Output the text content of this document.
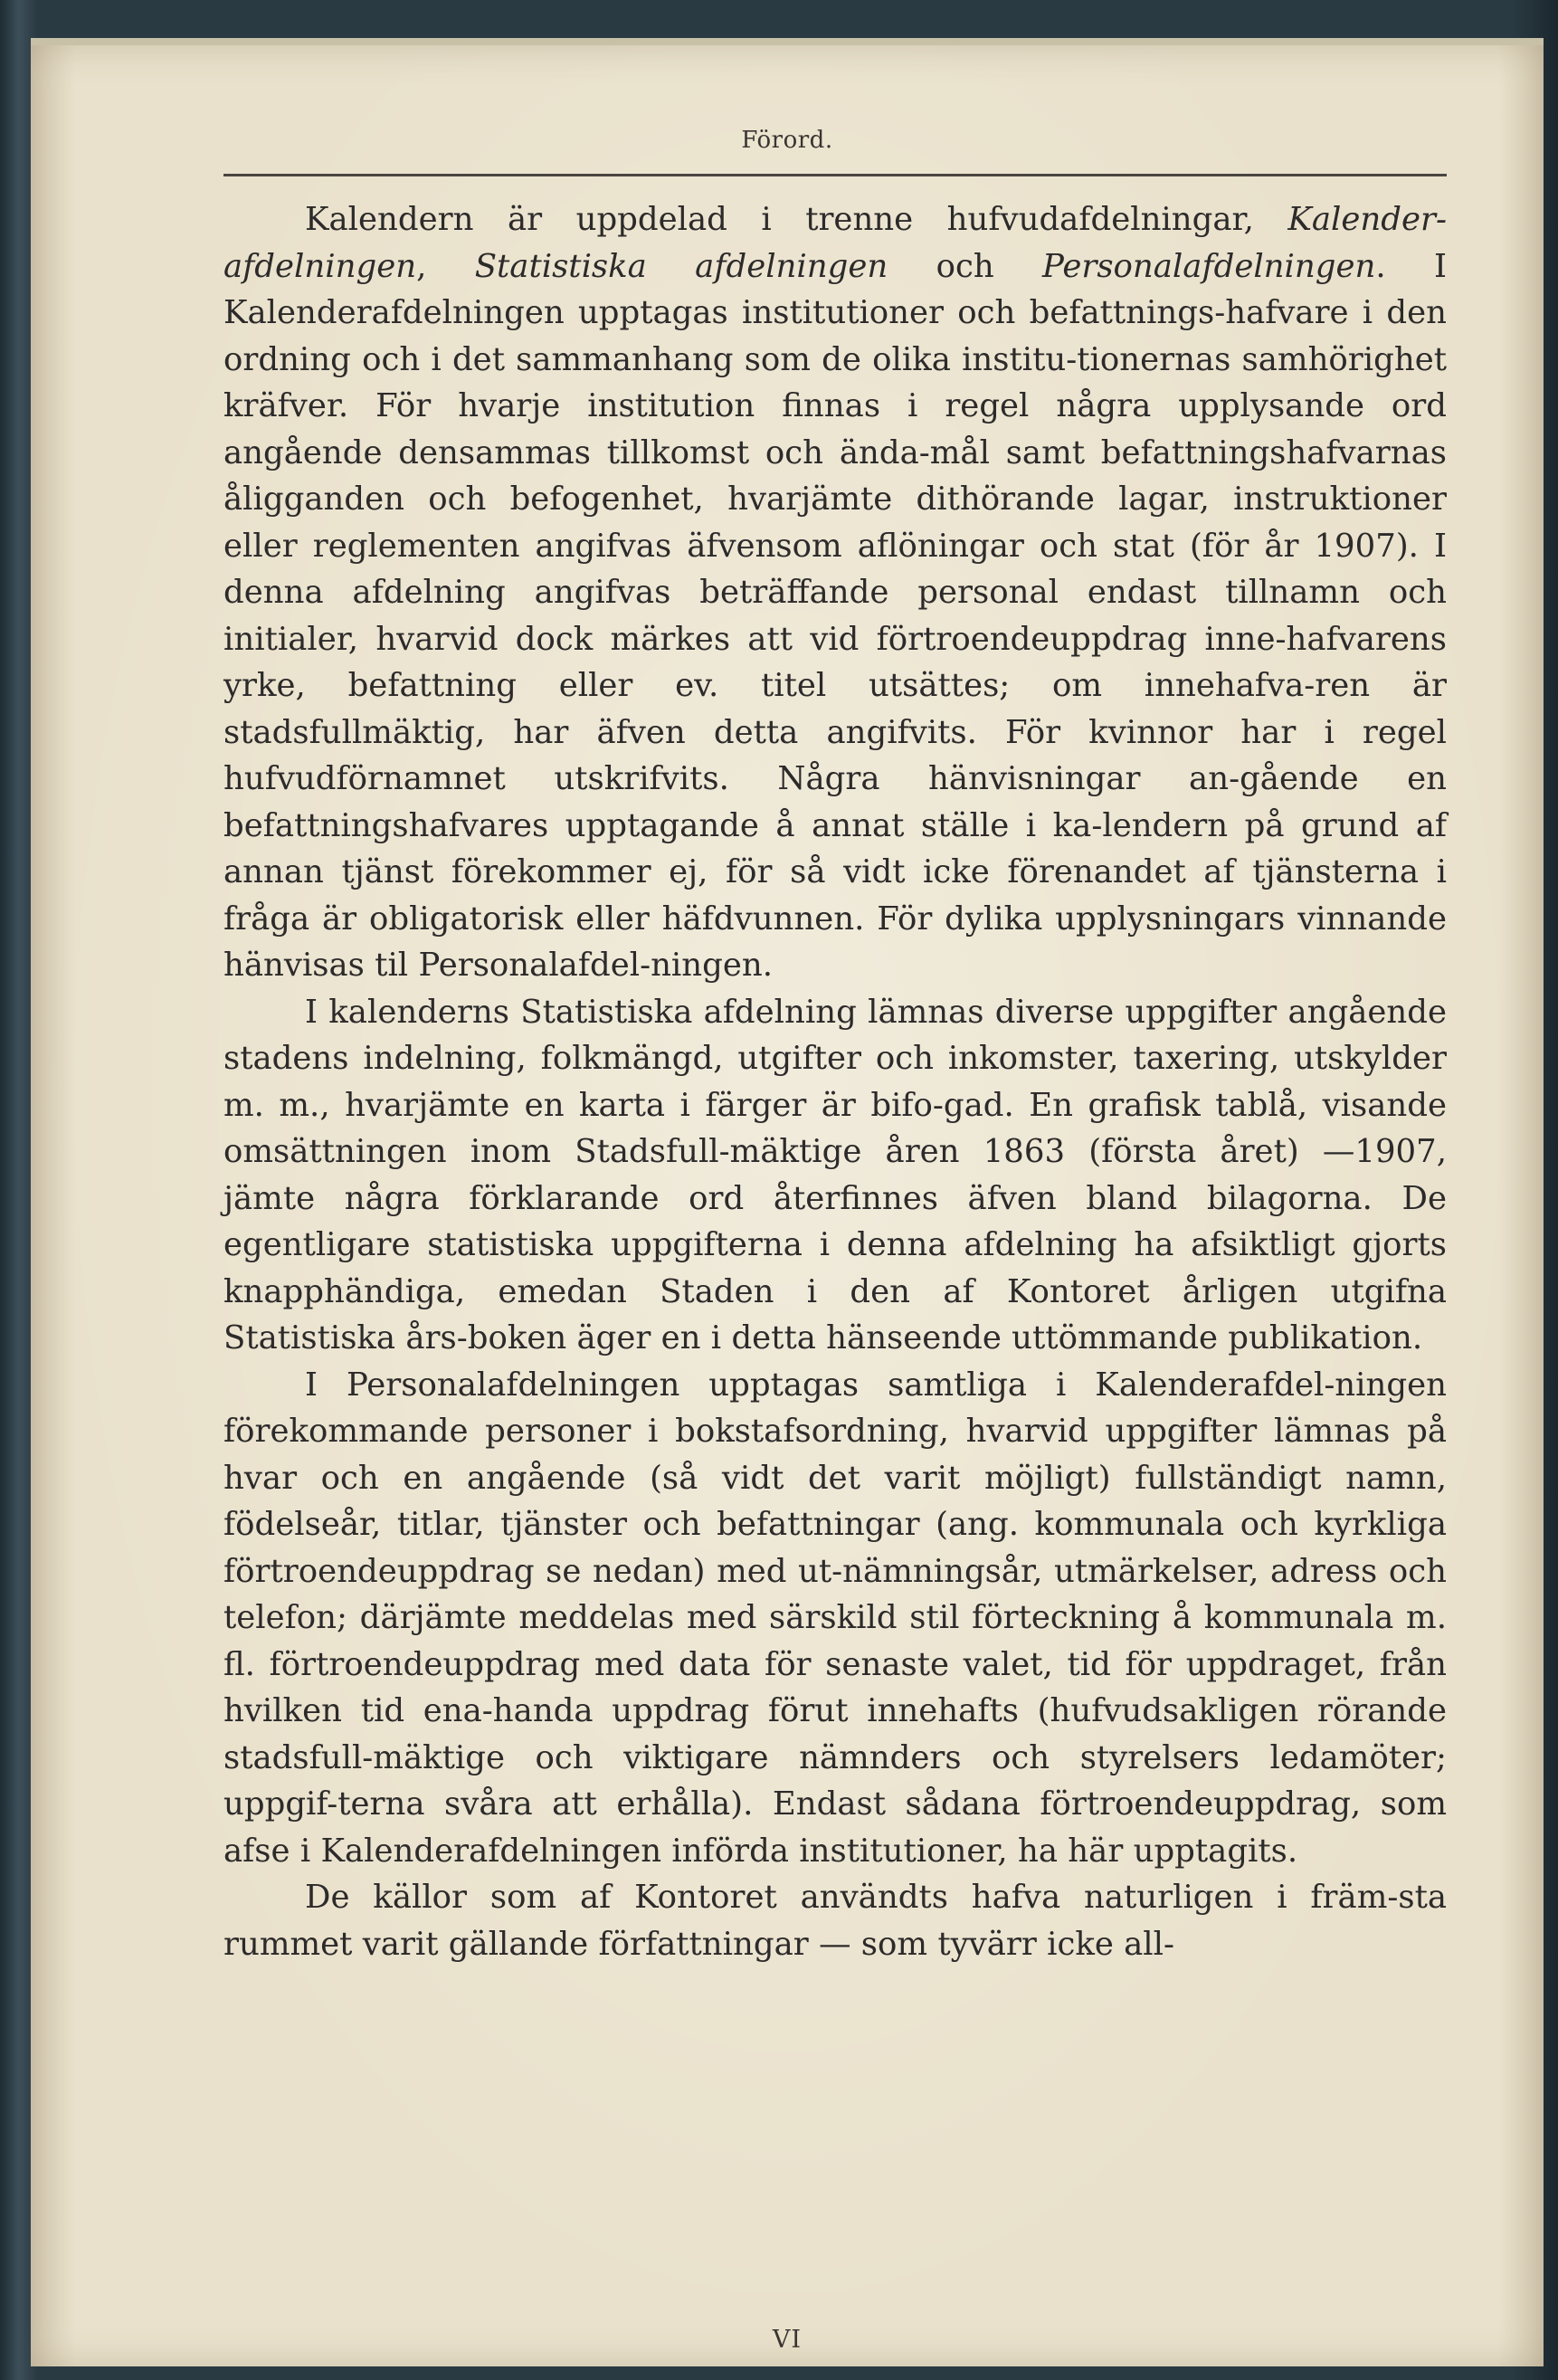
Förord.

Kalendern är uppdelad i trenne hufvudafdelningar, Kalender-afdelningen, Statistiska afdelningen och Personalafdelningen. I Kalenderafdelningen upptagas institutioner och befattnings-hafvare i den ordning och i det sammanhang som de olika institu-tionernas samhörighet kräfver. För hvarje institution finnas i regel några upplysande ord angående densammas tillkomst och ända-mål samt befattningshafvarnas åligganden och befogenhet, hvarjämte dithörande lagar, instruktioner eller reglementen angifvas äfvensom aflöningar och stat (för år 1907). I denna afdelning angifvas beträffande personal endast tillnamn och initialer, hvarvid dock märkes att vid förtroendeuppdrag inne-hafvarens yrke, befattning eller ev. titel utsättes; om innehafva-ren är stadsfullmäktig, har äfven detta angifvits. För kvinnor har i regel hufvudförnamnet utskrifvits. Några hänvisningar an-gående en befattningshafvares upptagande å annat ställe i ka-lendern på grund af annan tjänst förekommer ej, för så vidt icke förenandet af tjänsterna i fråga är obligatorisk eller häfdvunnen. För dylika upplysningars vinnande hänvisas til Personalafdel-ningen.

I kalenderns Statistiska afdelning lämnas diverse uppgifter angående stadens indelning, folkmängd, utgifter och inkomster, taxering, utskylder m. m., hvarjämte en karta i färger är bifo-gad. En grafisk tablå, visande omsättningen inom Stadsfull-mäktige åren 1863 (första året) —1907, jämte några förklarande ord återfinnes äfven bland bilagorna. De egentligare statistiska uppgifterna i denna afdelning ha afsiktligt gjorts knapphändiga, emedan Staden i den af Kontoret årligen utgifna Statistiska års-boken äger en i detta hänseende uttömmande publikation.

I Personalafdelningen upptagas samtliga i Kalenderafdel-ningen förekommande personer i bokstafsordning, hvarvid uppgifter lämnas på hvar och en angående (så vidt det varit möjligt) fullständigt namn, födelseår, titlar, tjänster och befattningar (ang. kommunala och kyrkliga förtroendeuppdrag se nedan) med ut-nämningsår, utmärkelser, adress och telefon; därjämte meddelas med särskild stil förteckning å kommunala m. fl. förtroendeuppdrag med data för senaste valet, tid för uppdraget, från hvilken tid ena-handa uppdrag förut innehafts (hufvudsakligen rörande stadsfull-mäktige och viktigare nämnders och styrelsers ledamöter; uppgif-terna svåra att erhålla). Endast sådana förtroendeuppdrag, som afse i Kalenderafdelningen införda institutioner, ha här upptagits.

De källor som af Kontoret användts hafva naturligen i främ-sta rummet varit gällande författningar — som tyvärr icke all-

VI
